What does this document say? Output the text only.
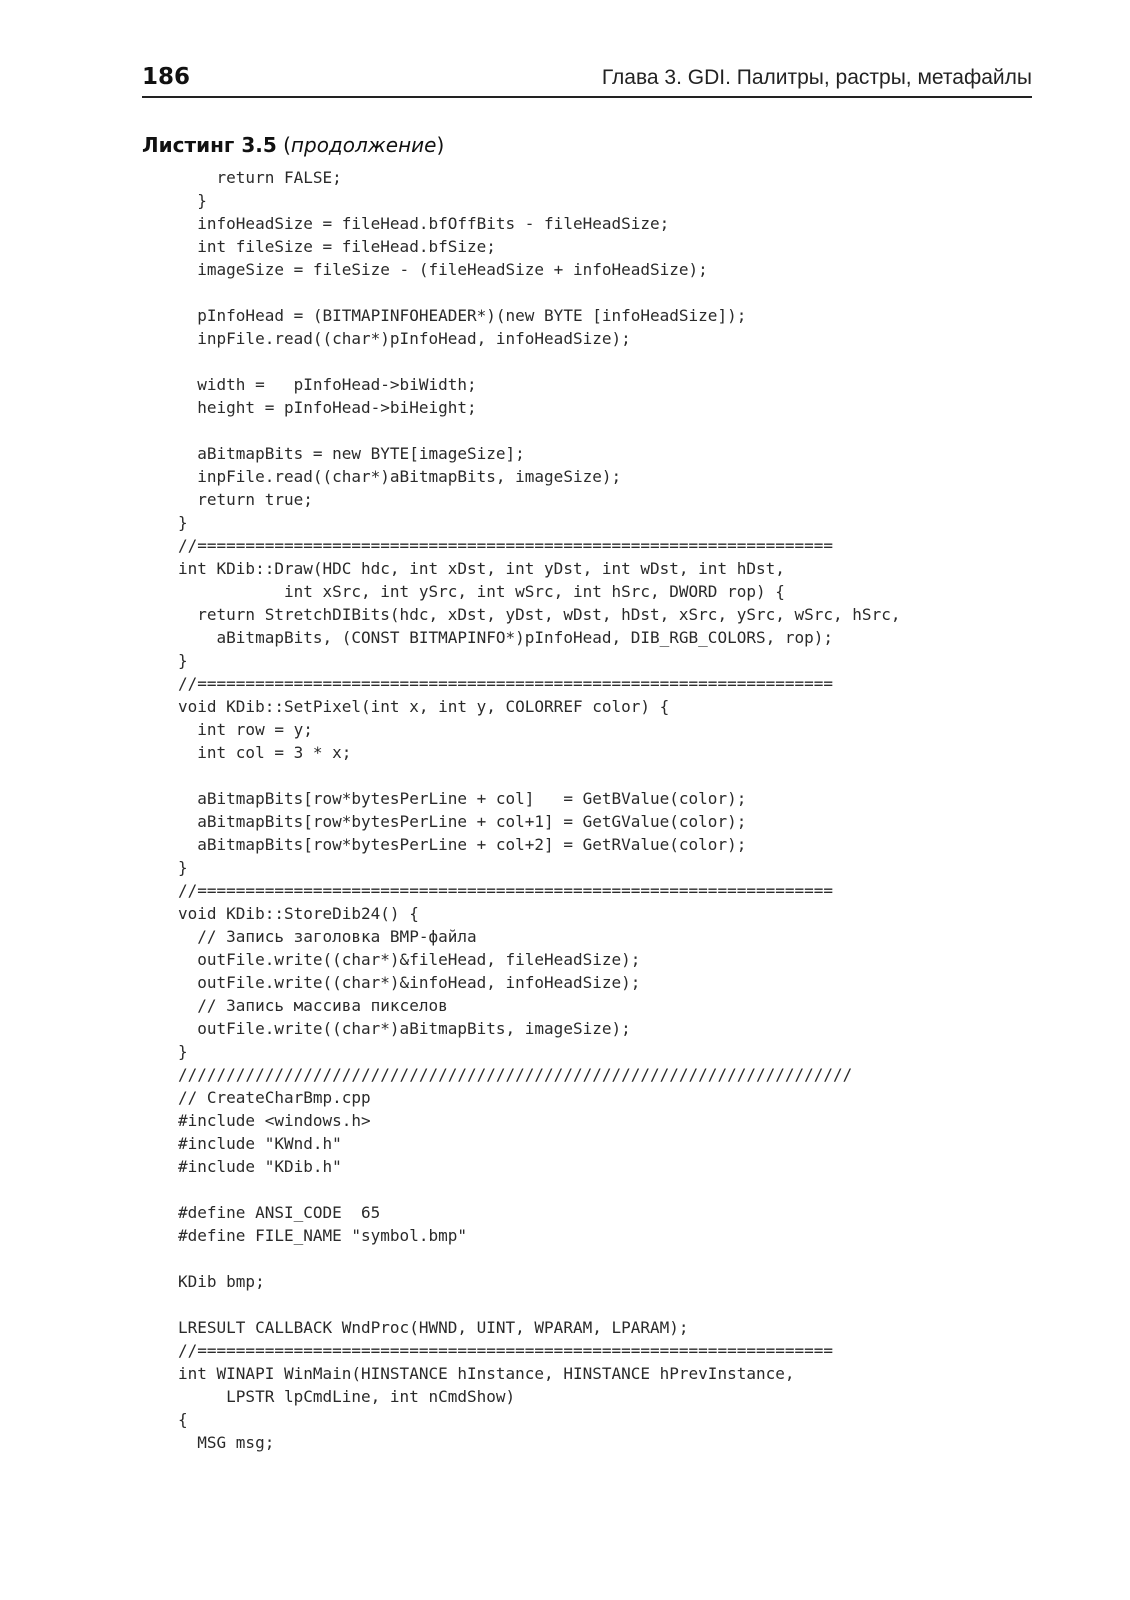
186	Глава 3. GDI. Палитры, растры, метафайлы
Листинг 3.5 (продолжение)
return FALSE;
}
infoHeadSize = fileHead.bfOffBits - fileHeadSize;
int fileSize = fileHead.bfSize;
imageSize = fileSize - (fileHeadSize + infoHeadSize);
pInfoHead = (BITMAPINFOHEADER*)(new BYTE [infoHeadSize]);
inpFile.read((char*)pInfoHead, infoHeadSize);
width =   pInfoHead->biWidth;
height = pInfoHead->biHeight;
aBitmapBits = new BYTE[imageSize];
inpFile.read((char*)aBitmapBits, imageSize);
return true;
}
//==================================================================
int KDib::Draw(HDC hdc, int xDst, int yDst, int wDst, int hDst,
int xSrc, int ySrc, int wSrc, int hSrc, DWORD rop) {
return StretchDIBits(hdc, xDst, yDst, wDst, hDst, xSrc, ySrc, wSrc, hSrc,
aBitmapBits, (CONST BITMAPINFO*)pInfoHead, DIB_RGB_COLORS, rop);
}
//==================================================================
void KDib::SetPixel(int x, int y, COLORREF color) {
int row = y;
int col = 3 * x;
aBitmapBits[row*bytesPerLine + col]   = GetBValue(color);
aBitmapBits[row*bytesPerLine + col+1] = GetGValue(color);
aBitmapBits[row*bytesPerLine + col+2] = GetRValue(color);
}
//==================================================================
void KDib::StoreDib24() {
// Запись заголовка BMP-файла
outFile.write((char*)&fileHead, fileHeadSize);
outFile.write((char*)&infoHead, infoHeadSize);
// Запись массива пикселов
outFile.write((char*)aBitmapBits, imageSize);
}
//////////////////////////////////////////////////////////////////////
// CreateCharBmp.cpp
#include <windows.h>
#include "KWnd.h"
#include "KDib.h"
#define ANSI_CODE  65
#define FILE_NAME "symbol.bmp"
KDib bmp;
LRESULT CALLBACK WndProc(HWND, UINT, WPARAM, LPARAM);
//==================================================================
int WINAPI WinMain(HINSTANCE hInstance, HINSTANCE hPrevInstance,
LPSTR lpCmdLine, int nCmdShow)
{
MSG msg;
